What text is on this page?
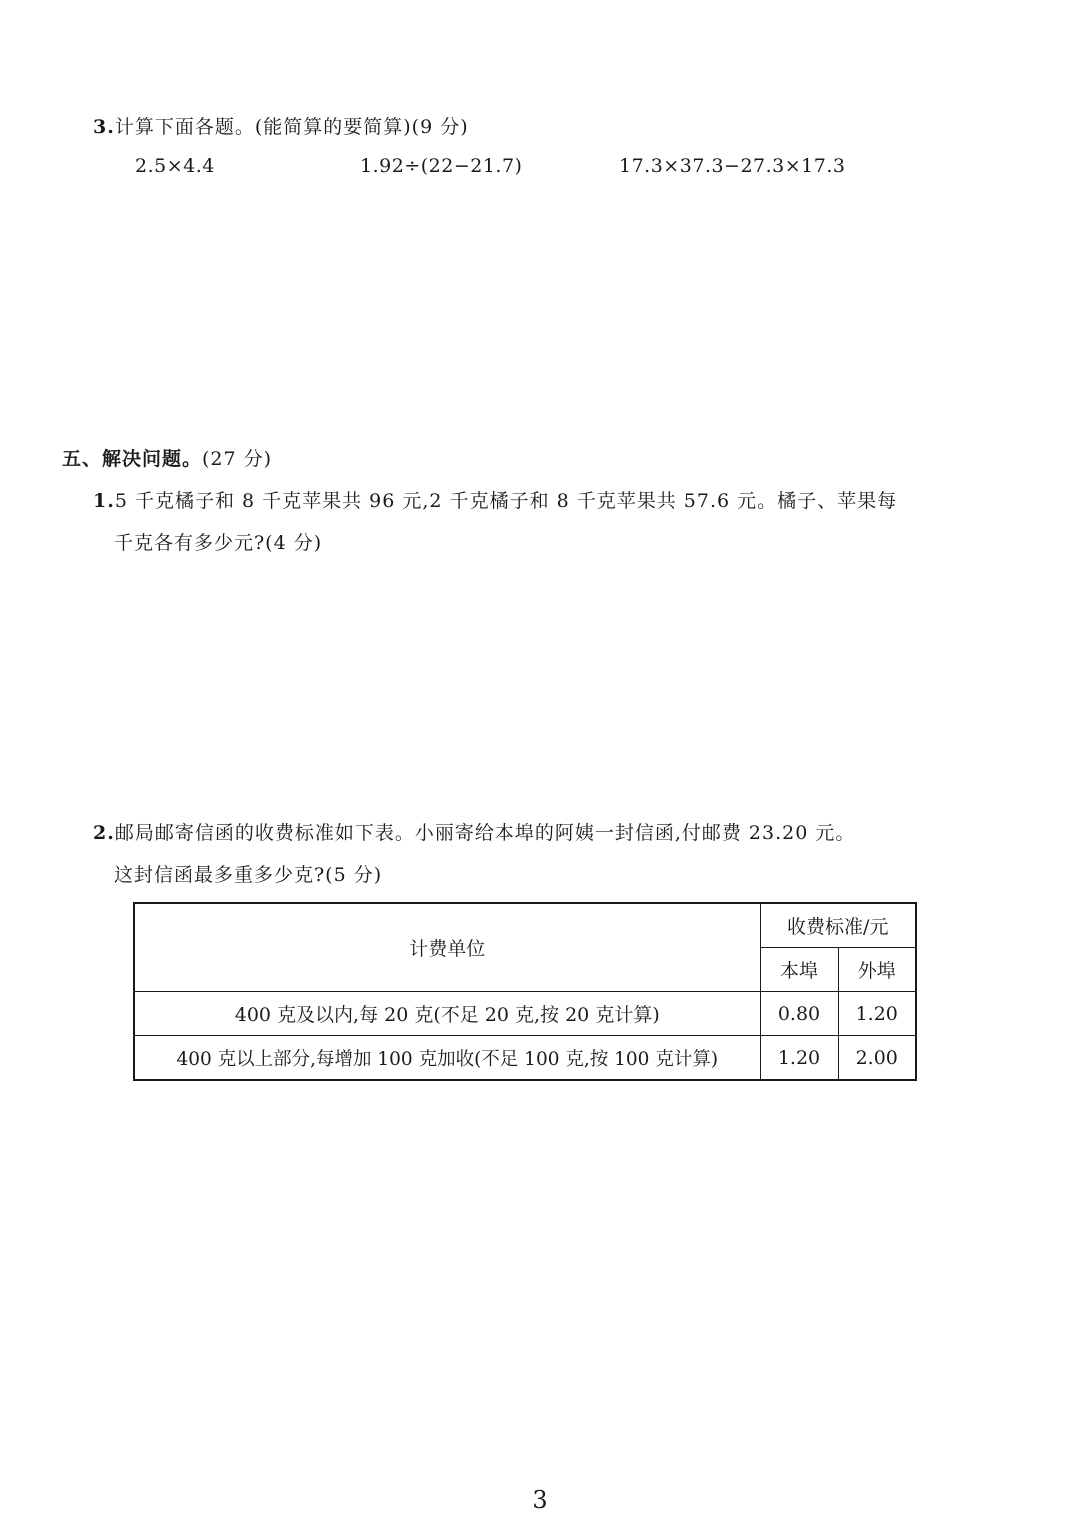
3.计算下面各题。(能简算的要简算)(9 分)
2.5×4.4	1.92÷(22−21.7)	17.3×37.3−27.3×17.3
五、解决问题。(27 分)
1.5 千克橘子和 8 千克苹果共 96 元,2 千克橘子和 8 千克苹果共 57.6 元。橘子、苹果每
千克各有多少元?(4 分)
2.邮局邮寄信函的收费标准如下表。小丽寄给本埠的阿姨一封信函,付邮费 23.20 元。
这封信函最多重多少克?(5 分)
计费单位	收费标准/元	
	本埠	外埠
400 克及以内,每 20 克(不足 20 克,按 20 克计算)	0.80	1.20
400 克以上部分,每增加 100 克加收(不足 100 克,按 100 克计算)	1.20	2.00
3
